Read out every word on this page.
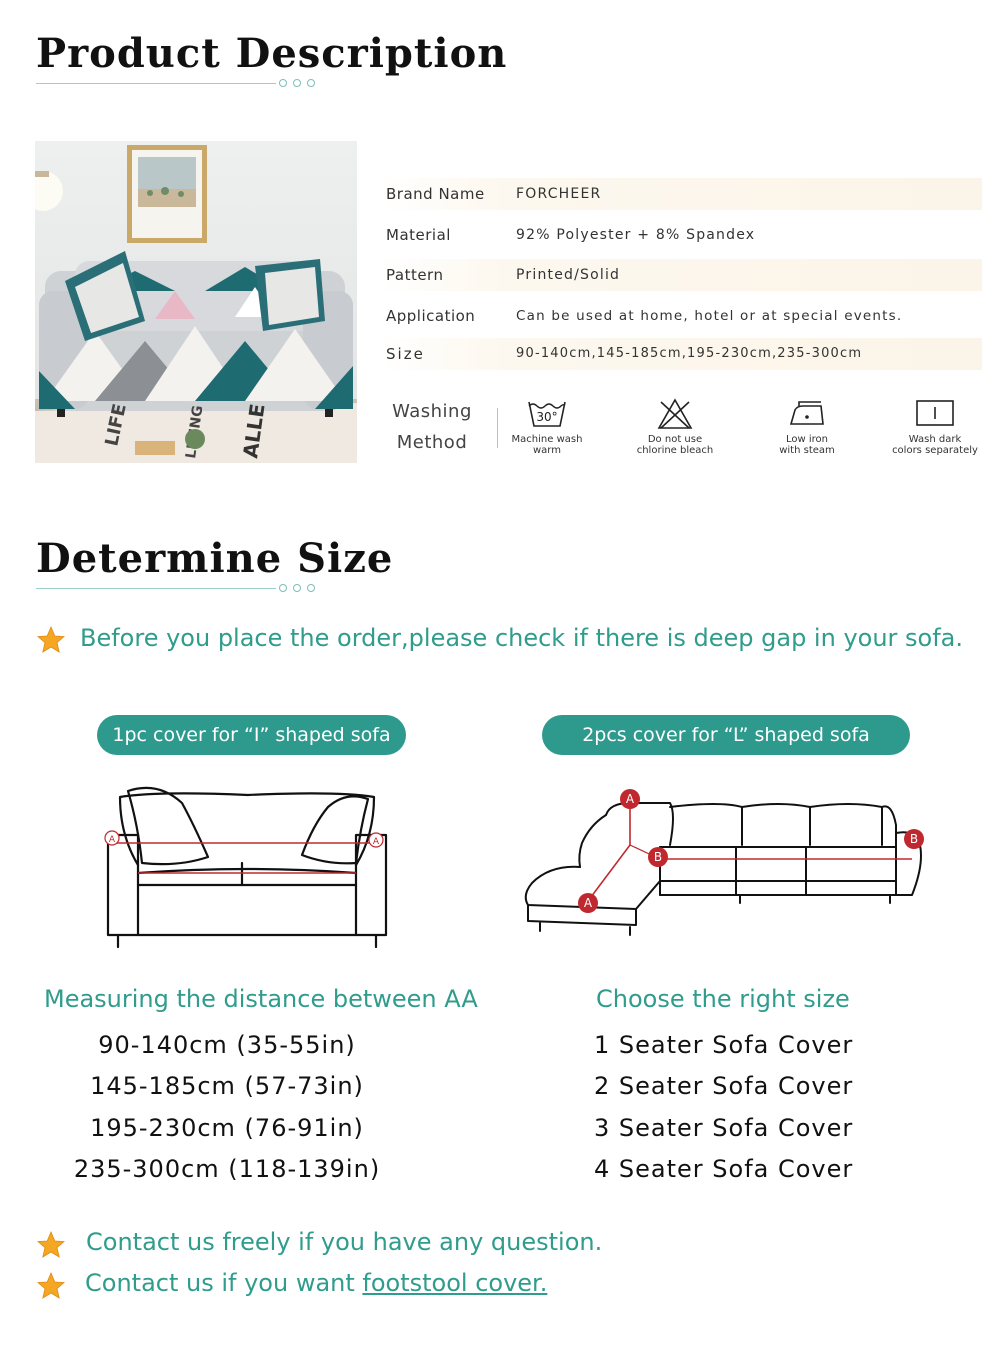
Product Description
LIFE	ALLE
Brand Name FORCHEER
Material	92% Polyester + 8% Spandex
Pattern	Printed/Solid
Application	Can be used at home, hotel or at special events.
Size	90-140cm,145-185cm,195-230cm,235-300cm
Washing
Method
30°
Machine wash
warm
Do not use
chlorine bleach
Low iron
with steam
Wash dark
colors separately
Determine Size
Before you place the order,please check if there is deep gap in your sofa.
1pc cover for “I” shaped sofa	2pcs cover for “L” shaped sofa
A	A
A
A
B
B
Measuring the distance between AA
90-140cm (35-55in)
145-185cm (57-73in)
195-230cm (76-91in)
235-300cm (118-139in)
Choose the right size
1 Seater Sofa Cover
2 Seater Sofa Cover
3 Seater Sofa Cover
4 Seater Sofa Cover
Contact us freely if you have any question.
Contact us if you want footstool cover.
